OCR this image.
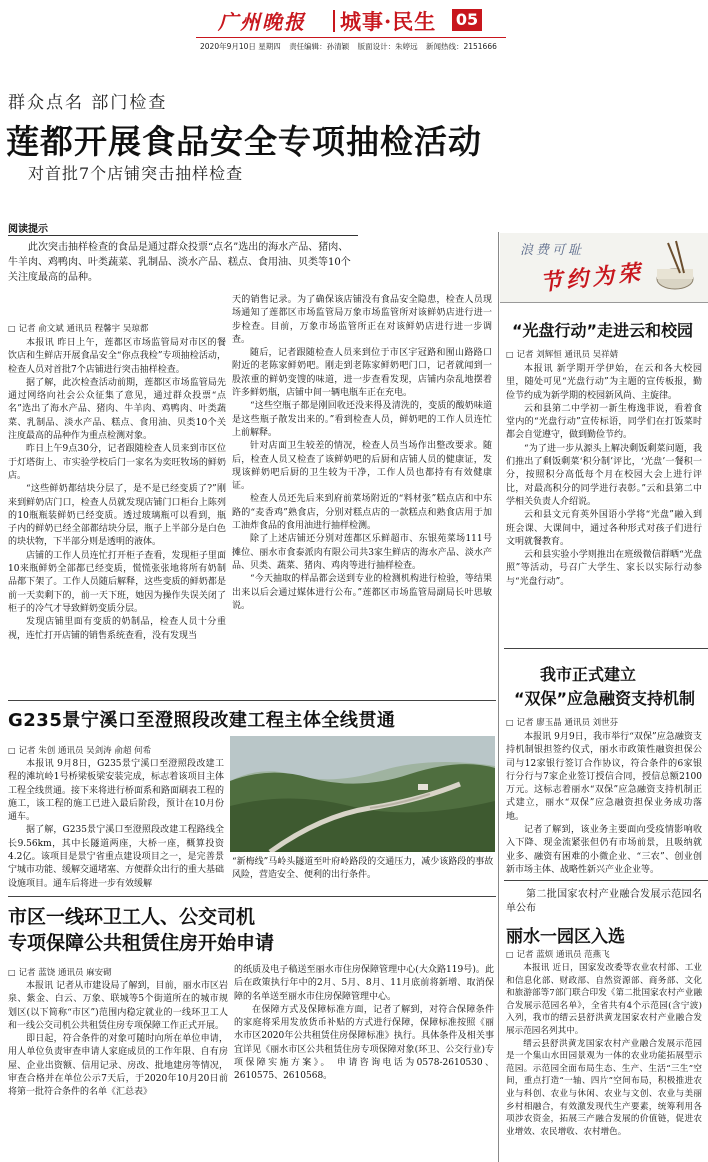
广州晚报 城事·民生 05
2020年9月10日 星期四 责任编辑：孙清颖 版面设计：朱婷远 新闻热线：2151666
群众点名 部门检查
莲都开展食品安全专项抽检活动
对首批7个店铺突击抽样检查
阅读提示
此次突击抽样检查的食品是通过群众投票“点名”选出的海水产品、猪肉、牛羊肉、鸡鸭肉、叶类蔬菜、乳制品、淡水产品、糕点、食用油、贝类等10个关注度最高的品种。
浪费可耻
节约为荣
□ 记者 俞文斌 通讯员 程馨宇 吴琼都

本报讯 昨日上午，莲都区市场监管局对市区的餐饮店和生鲜店开展食品安全“你点我检”专项抽检活动，检查人员对首批7个店铺进行突击抽样检查。

据了解，此次检查活动前期，莲都区市场监管局先通过网络向社会公众征集了意见，通过群众投票“点名”选出了海水产品、猪肉、牛羊肉、鸡鸭肉、叶类蔬菜、乳制品、淡水产品、糕点、食用油、贝类10个关注度最高的品种作为重点检测对象。

昨日上午9点30分，记者跟随检查人员来到市区位于灯塔街上、市实验学校后门一家名为奕旺牧场的鲜奶店。

“这些鲜奶都结块分层了，是不是已经变质了?”刚来到鲜奶店门口，检查人员就发现店铺门口柜台上陈列的10瓶瓶装鲜奶已经变质。透过玻璃瓶可以看到，瓶子内的鲜奶已经全部都结块分层，瓶子上半部分是白色的块状物，下半部分则是透明的液体。

店铺的工作人员连忙打开柜子查看，发现柜子里面10来瓶鲜奶全部都已经变质，慌慌张张地将所有奶制品都下架了。工作人员随后解释，这些变质的鲜奶都是前一天卖剩下的，前一天下班，她因为操作失误关闭了柜子的冷气才导致鲜奶变质分层。

发现店铺里面有变质的奶制品，检查人员十分重视，连忙打开店铺的销售系统查看，没有发现当

天的销售记录。为了确保该店铺没有食品安全隐患，检查人员现场通知了莲都区市场监管局万象市场监管所对该鲜奶店进行进一步检查。目前，万象市场监管所正在对该鲜奶店进行进一步调查。

随后，记者跟随检查人员来到位于市区宇冠路和囿山路路口附近的老陈家鲜奶吧。刚走到老陈家鲜奶吧门口，记者就闻到一股浓重的鲜奶变馊的味道，进一步查看发现，店铺内杂乱地摆着许多鲜奶瓶，店铺中间一辆电瓶车正在充电。

“这些空瓶子都是刚回收还没来得及清洗的，变质的酸奶味道是这些瓶子散发出来的。”看到检查人员，鲜奶吧的工作人员连忙上前解释。

针对店面卫生较差的情况，检查人员当场作出整改要求。随后，检查人员又检查了该鲜奶吧的后厨和店铺人员的健康证，发现该鲜奶吧后厨的卫生较为干净，工作人员也都持有有效健康证。

检查人员还先后来到府前菜场附近的“料材张”糕点店和中东路的“麦香鸡”熟食店，分别对糕点店的一款糕点和熟食店用于加工油炸食品的食用油进行抽样检测。

除了上述店铺还分别对莲都区乐鲜超市、东银苑菜场111号摊位、丽水市食泰派肉有限公司共3家生鲜店的海水产品、淡水产品、贝类、蔬菜、猪肉、鸡肉等进行抽样检查。

“今天抽取的样品都会送到专业的检测机构进行检验，等结果出来以后会通过媒体进行公布。”莲都区市场监管局副局长叶思敏说。

“光盘行动”走进云和校园
□ 记者 刘辉恒 通讯员 吴祥婧

本报讯 新学期开学伊始，在云和各大校园里，随处可见“光盘行动”为主题的宣传板报，勤俭节约成为新学期的校园新风尚、主旋律。

云和县第二中学初一新生梅逸菲说，看着食堂内的“光盘行动”宣传标语，同学们在打饭菜时都会自觉遵守，做到勤俭节约。

“为了进一步从源头上解决剩饭剩菜问题，我们推出了剩饭剩菜‘积分制’评比，‘光盘’一餐积一分，按照积分高低每个月在校园大会上进行评比，对最高积分的同学进行表彰。”云和县第二中学相关负责人介绍说。

云和县文元育英外国语小学将“光盘”融入到班会课、大课间中，通过各种形式对孩子们进行文明就餐教育。

云和县实验小学则推出在班级微信群晒“光盘照”等活动，号召广大学生、家长以实际行动参与“光盘行动”。

我市正式建立
“双保”应急融资支持机制
□ 记者 廖玉晶 通讯员 刘世芬

本报讯 9月9日，我市举行“双保”应急融资支持机制银担签约仪式，丽水市政策性融资担保公司与12家银行签订合作协议，符合条件的6家银行分行与7家企业签订授信合同，授信总额2100万元。这标志着丽水“双保”应急融资支持机制正式建立，丽水“双保”应急融资担保业务成功落地。

记者了解到，该业务主要面向受疫情影响收入下降、现金流紧张但仍有市场前景，且吸纳就业多、融资有困难的小微企业、“三农”、创业创新市场主体、战略性新兴产业企业等。

第二批国家农村产业融合发展示范园名单公布

丽水一园区入选
□ 记者 蓝烦 通讯员 范燕飞

本报讯 近日，国家发改委等农业农村部、工业和信息化部、财政部、自然资源部、商务部、文化和旅游部等7部门联合印发《第二批国家农村产业融合发展示范园名单》，全省共有4个示范园(含宁波)入列，我市的缙云县舒洪黄龙国家农村产业融合发展示范园名列其中。

缙云县舒洪黄龙国家农村产业融合发展示范园是一个集山水田园景观为一体的农业功能拓展型示范园。示范园全面布局生态、生产、生活“三生”空间，重点打造“一轴、四片”空间布局，积极推进农业与科创、农业与休闲、农业与文创、农业与美丽乡村相融合，有效激发现代生产要素，统筹利用各项涉农资金，拓展三产融合发展的价值链，促进农业增效、农民增收、农村增色。

G235景宁溪口至澄照段改建工程主体全线贯通
□ 记者 朱创 通讯员 吴剑涛 俞超 何希

本报讯 9月8日，G235景宁溪口至澄照段改建工程的滩坑岭1号桥梁板梁安装完成，标志着该项目主体工程全线贯通。接下来将进行桥面系和路面刷表工程的施工，该工程的施工已进入最后阶段，预计在10月份通车。

据了解，G235景宁溪口至澄照段改建工程路线全长9.56km，其中长隧道两座，大桥一座，概算投资4.2亿。该项目是景宁省重点建设项目之一，是完善景宁城市功能、缓解交通堵塞、方便群众出行的重大基础设施项目。通车后将进一步有效缓解

“新梅线”马岭头隧道至叶府岭路段的交通压力，减少该路段的事故风险，营造安全、便利的出行条件。
市区一线环卫工人、公交司机
专项保障公共租赁住房开始申请
□ 记者 蓝饶 通讯员 麻安砌

本报讯 记者从市建设局了解到，目前，丽水市区岩泉、紫金、白云、万象、联城等5个街道所在的城市规划区(以下简称“市区”)范围内稳定就业的一线环卫工人和一线公交司机公共租赁住房专项保障工作正式开展。

即日起，符合条件的对象可随时向所在单位申请，用人单位负责审查申请人家庭成员的工作年限、自有房屋、企业出资额、信用记录、房改、批地建房等情况，审查合格并在单位公示7天后，于2020年10月20日前将第一批符合条件的名单《汇总表》

的纸质及电子稿送至丽水市住房保障管理中心(大众路119号)。此后在政策执行年中的2月、5月、8月、11月底前将新增、取消保障的名单送至丽水市住房保障管理中心。

在保障方式及保障标准方面，记者了解到，对符合保障条件的家庭将采用发放货币补贴的方式进行保障，保障标准按照《丽水市区2020年公共租赁住房保障标准》执行。具体条件及相关事宜详见《丽水市区公共租赁住房专项保障对象(环卫、公交行业)专项保障实施方案》。 申请咨询电话为0578-2610530、2610575、2610568。
